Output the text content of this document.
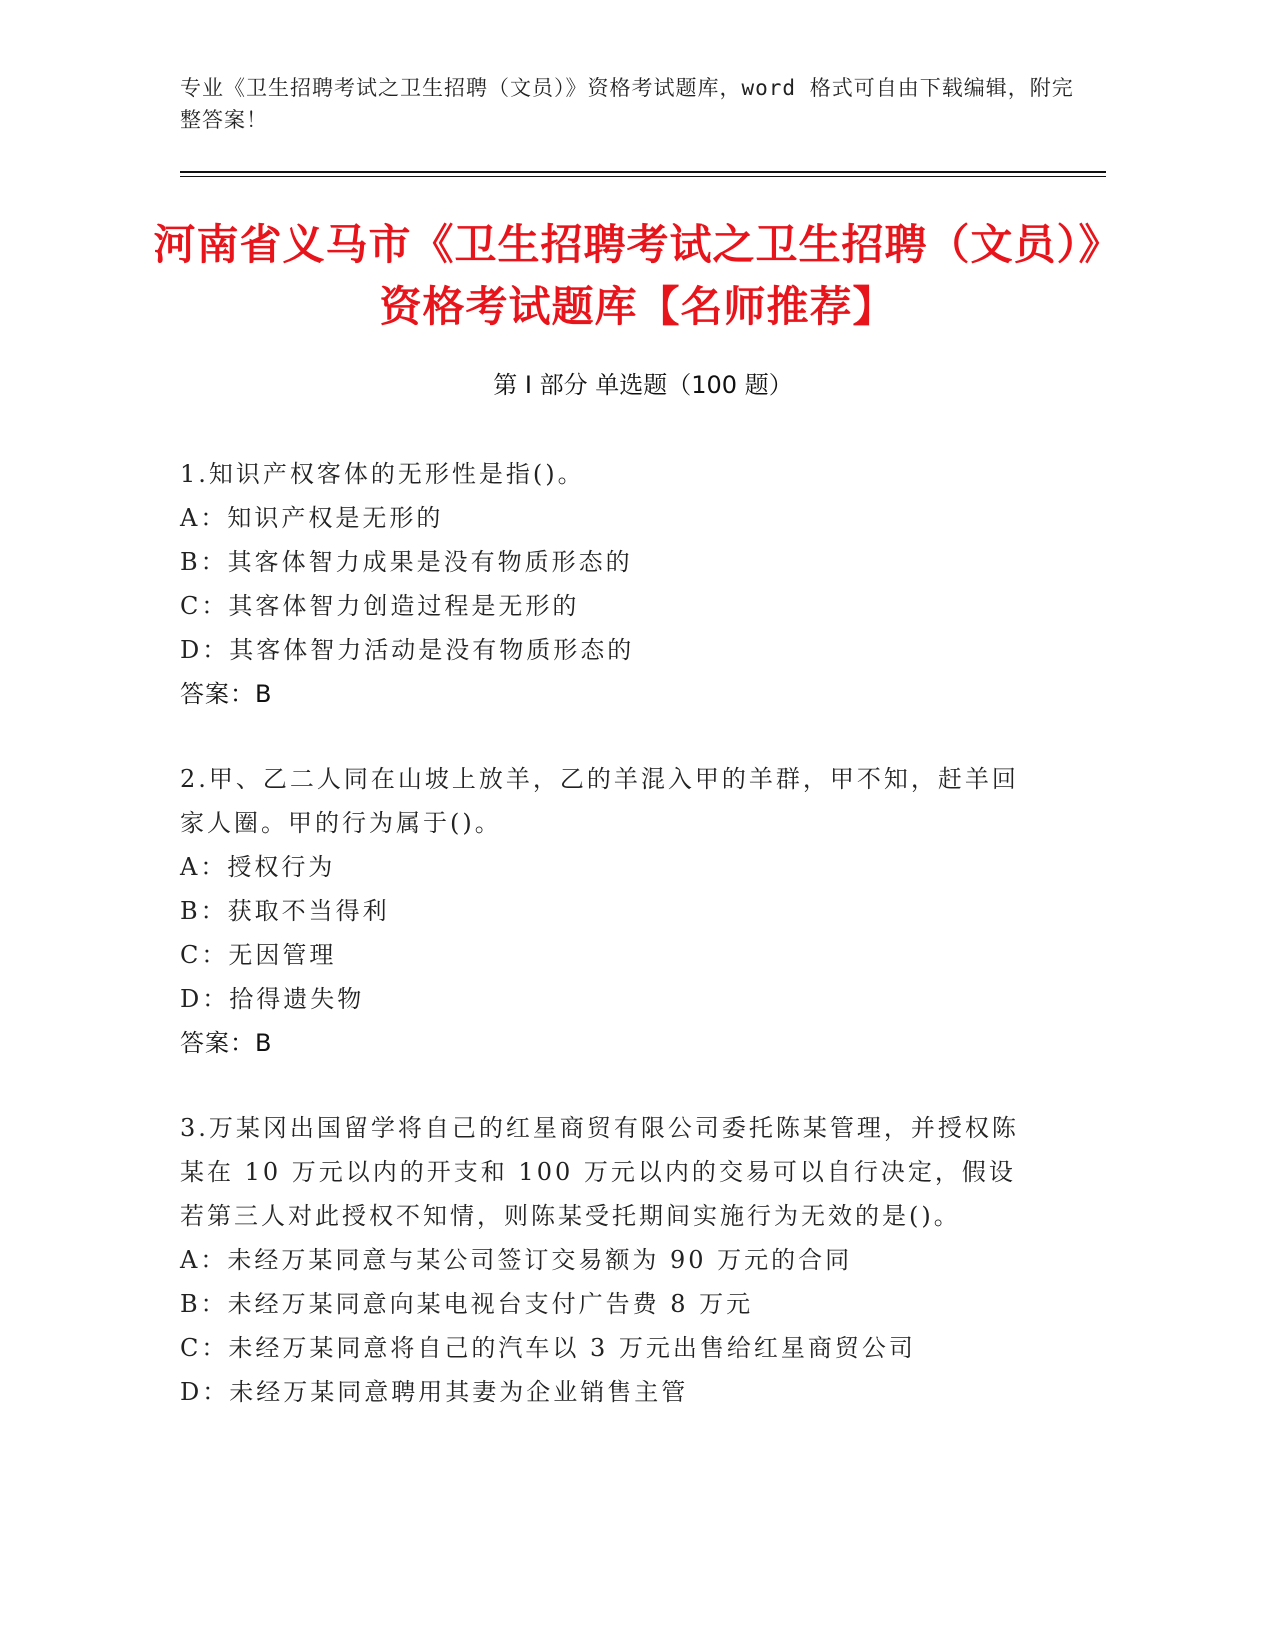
专业《卫生招聘考试之卫生招聘（文员）》资格考试题库，word 格式可自由下载编辑，附完整答案！
河南省义马市《卫生招聘考试之卫生招聘（文员）》资格考试题库【名师推荐】
第 I 部分 单选题（100 题）
1.知识产权客体的无形性是指()。
A：知识产权是无形的
B：其客体智力成果是没有物质形态的
C：其客体智力创造过程是无形的
D：其客体智力活动是没有物质形态的
答案：B
2.甲、乙二人同在山坡上放羊，乙的羊混入甲的羊群，甲不知，赶羊回家人圈。甲的行为属于()。
A：授权行为
B：获取不当得利
C：无因管理
D：拾得遗失物
答案：B
3.万某冈出国留学将自己的红星商贸有限公司委托陈某管理，并授权陈某在 10 万元以内的开支和 100 万元以内的交易可以自行决定，假设若第三人对此授权不知情，则陈某受托期间实施行为无效的是()。
A：未经万某同意与某公司签订交易额为 90 万元的合同
B：未经万某同意向某电视台支付广告费 8 万元
C：未经万某同意将自己的汽车以 3 万元出售给红星商贸公司
D：未经万某同意聘用其妻为企业销售主管
